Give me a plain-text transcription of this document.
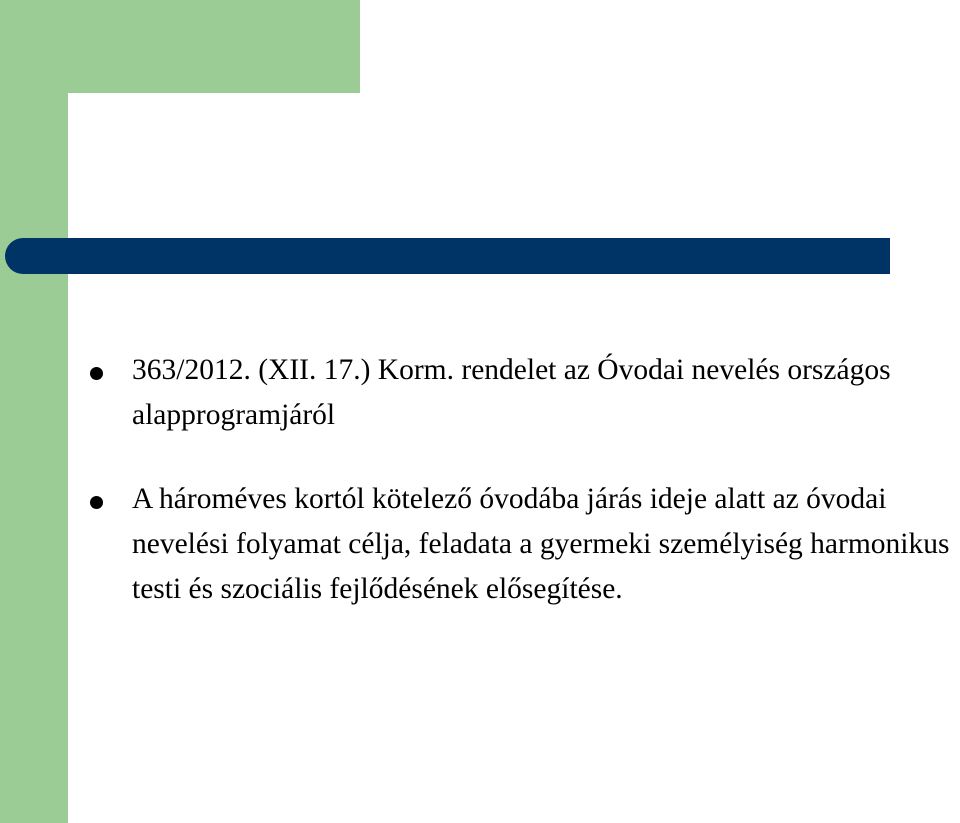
363/2012. (XII. 17.) Korm. rendelet az Óvodai nevelés országos alapprogramjáról
A hároméves kortól kötelező óvodába járás ideje alatt az óvodai nevelési folyamat célja, feladata a gyermeki személyiség harmonikus testi és szociális fejlődésének elősegítése.
